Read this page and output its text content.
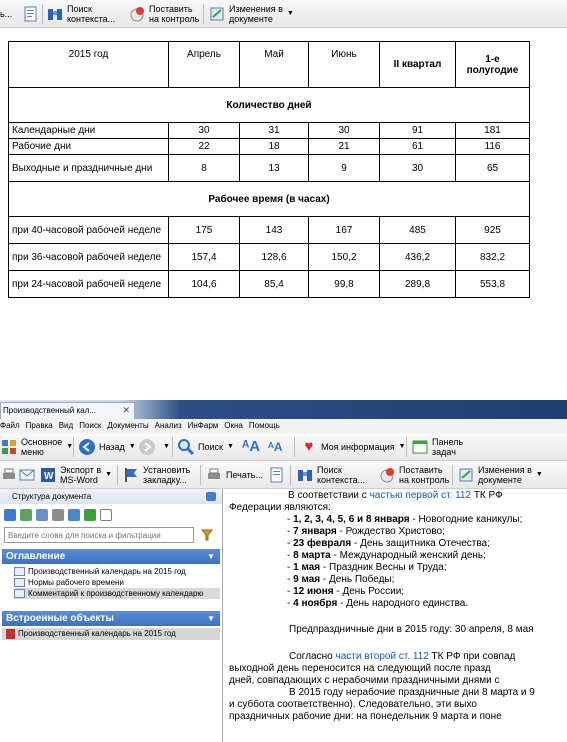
ь...	Поиск
контекста...
Поставить
на контроль
Изменения в
документе
▼
2015 год	Апрель	Май	Июнь	II квартал	1-е полугодие
Количество дней					
Календарные дни	30	31	30	91	181
Рабочие дни	22	18	21	61	116
Выходные и праздничные дни	8	13	9	30	65
Рабочее время (в часах)					
при 40-часовой рабочей неделе	175	143	167	485	925
при 36-часовой рабочей неделе	157,4	128,6	150,2	436,2	832,2
при 24-часовой рабочей неделе	104,6	85,4	99,8	289,8	553,8
Производственный кал...	✕
Файл Правка Вид Поиск Документы Анализ ИнФарм Окна Помощь
Основное
меню
▼	Назад ▼	▼	Поиск ▼ ᴬA ᴬA	♥ Моя информация ▼	Панель
задач
W
Экспорт в
MS-Word
▼	Установить
закладку...	Печать...	Поиск
контекста...
Поставить
на контроль
Изменения в
документе
▼
Структура документа
Введите слова для поиска и фильтрации
Оглавление	▼
Производственный календарь на 2015 год
Нормы рабочего времени
Комментарий к производственному календарю
Встроенные объекты	▼
Производственный календарь на 2015 год

В соответствии с частью первой ст. 112 ТК РФ

Федерации являются:

- 1, 2, 3, 4, 5, 6 и 8 января - Новогодние каникулы;

- 7 января - Рождество Христово;

- 23 февраля - День защитника Отечества;

- 8 марта - Международный женский день;

- 1 мая - Праздник Весны и Труда;

- 9 мая - День Победы;

- 12 июня - День России;

- 4 ноября - День народного единства.

Предпраздничные дни в 2015 году: 30 апреля, 8 мая

Согласно части второй ст. 112 ТК РФ при совпад

выходной день переносится на следующий после празд

дней, совпадающих с нерабочими праздничными днями с

В 2015 году нерабочие праздничные дни 8 марта и 9

и суббота соответственно). Следовательно, эти выхо

праздничных рабочие дни: на понедельник 9 марта и поне
